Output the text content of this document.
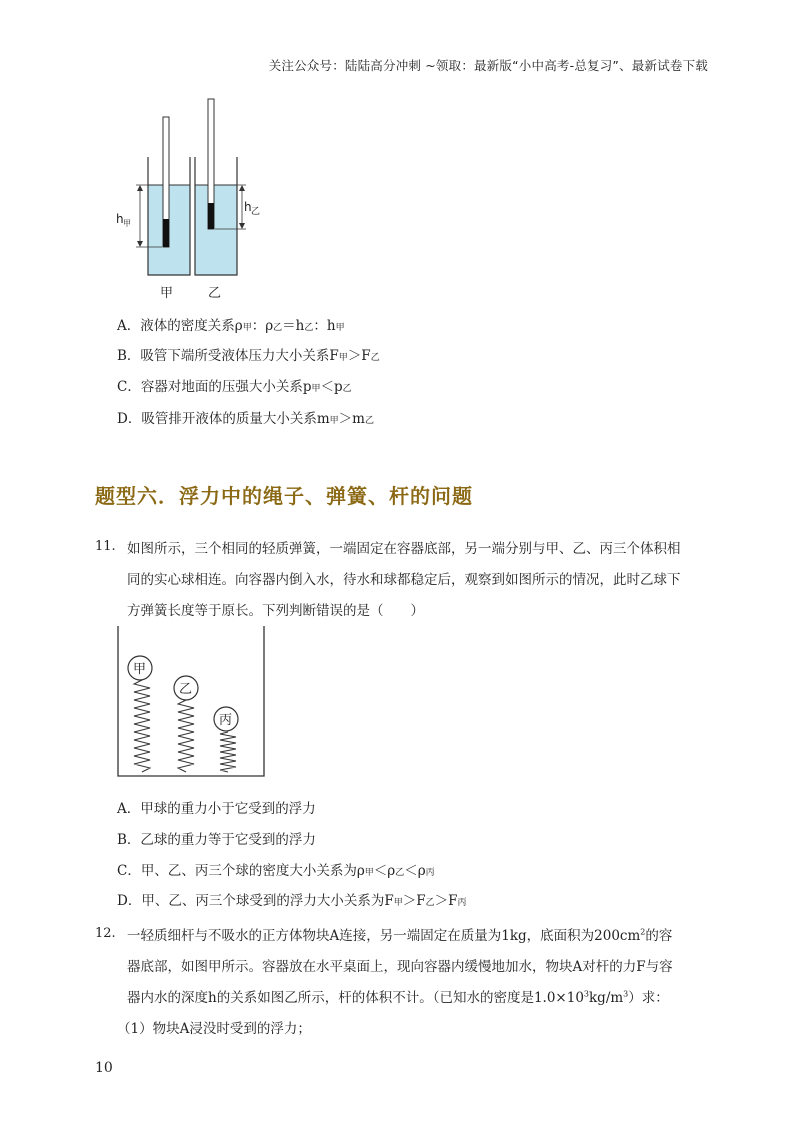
关注公众号：陆陆高分冲刺 ~领取：最新版“小中高考-总复习”、最新试卷下载
h 甲
h 乙
甲	乙
A．液体的密度关系ρ甲：ρ乙＝h乙：h甲
B．吸管下端所受液体压力大小关系F甲＞F乙
C．容器对地面的压强大小关系p甲＜p乙
D．吸管排开液体的质量大小关系m甲＞m乙
题型六．浮力中的绳子、弹簧、杆的问题
11. 如图所示，三个相同的轻质弹簧，一端固定在容器底部，另一端分别与甲、乙、丙三个体积相
同的实心球相连。向容器内倒入水，待水和球都稳定后，观察到如图所示的情况，此时乙球下
方弹簧长度等于原长。下列判断错误的是（　　）
甲
乙
丙
A．甲球的重力小于它受到的浮力
B．乙球的重力等于它受到的浮力
C．甲、乙、丙三个球的密度大小关系为ρ甲＜ρ乙＜ρ丙
D．甲、乙、丙三个球受到的浮力大小关系为F甲＞F乙＞F丙
12. 一轻质细杆与不吸水的正方体物块A连接，另一端固定在质量为1kg，底面积为$200cm^2$的容
器底部，如图甲所示。容器放在水平桌面上，现向容器内缓慢地加水，物块A对杆的力F与容
器内水的深度h的关系如图乙所示，杆的体积不计。（已知水的密度是$1.0\times 10^3kg/m^3$）求：
（1）物块A浸没时受到的浮力；
10
